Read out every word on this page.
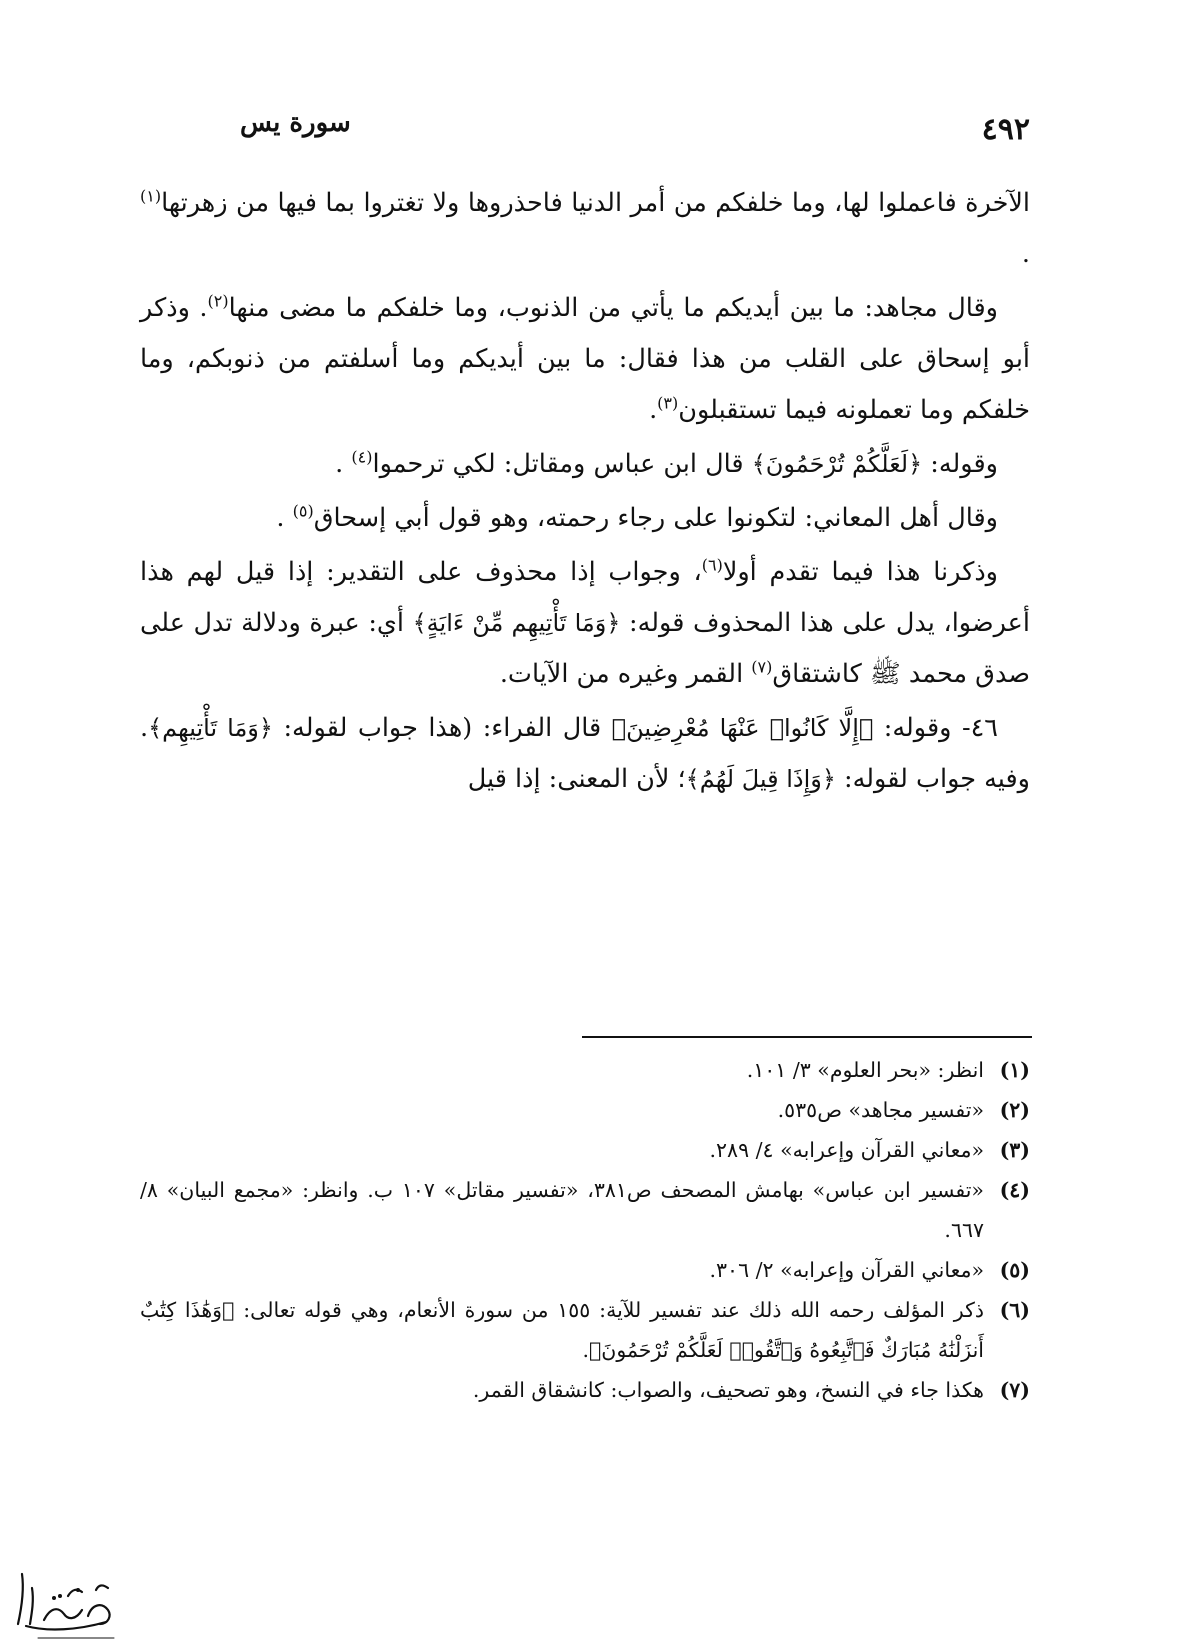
٤٩٢
سورة يس

الآخرة فاعملوا لها، وما خلفكم من أمر الدنيا فاحذروها ولا تغتروا بما فيها من زهرتها$^{(١)}$ .

وقال مجاهد: ما بين أيديكم ما يأتي من الذنوب، وما خلفكم ما مضى منها$^{(٢)}$. وذكر أبو إسحاق على القلب من هذا فقال: ما بين أيديكم وما أسلفتم من ذنوبكم، وما خلفكم وما تعملونه فيما تستقبلون$^{(٣)}$.

وقوله: ﴿لَعَلَّكُمْ تُرْحَمُونَ﴾ قال ابن عباس ومقاتل: لكي ترحموا$^{(٤)}$ .

وقال أهل المعاني: لتكونوا على رجاء رحمته، وهو قول أبي إسحاق$^{(٥)}$ .

وذكرنا هذا فيما تقدم أولا$^{(٦)}$، وجواب إذا محذوف على التقدير: إذا قيل لهم هذا أعرضوا، يدل على هذا المحذوف قوله: ﴿وَمَا تَأْتِيهِم مِّنْ ءَايَةٍ﴾ أي: عبرة ودلالة تدل على صدق محمد ﷺ كاشتقاق$^{(٧)}$ القمر وغيره من الآيات.

٤٦- وقوله: ﴿إِلَّا كَانُوا۟ عَنْهَا مُعْرِضِينَ﴾ قال الفراء: (هذا جواب لقوله: ﴿وَمَا تَأْتِيهِم﴾. وفيه جواب لقوله: ﴿وَإِذَا قِيلَ لَهُمُ﴾؛ لأن المعنى: إذا قيل

(١)
انظر: «بحر العلوم» ٣/ ١٠١.
(٢)
«تفسير مجاهد» ص٥٣٥.
(٣)
«معاني القرآن وإعرابه» ٤/ ٢٨٩.
(٤)
«تفسير ابن عباس» بهامش المصحف ص٣٨١، «تفسير مقاتل» ١٠٧ ب. وانظر: «مجمع البيان» ٨/ ٦٦٧.
(٥)
«معاني القرآن وإعرابه» ٢/ ٣٠٦.
(٦)
ذكر المؤلف رحمه الله ذلك عند تفسير للآية: ١٥٥ من سورة الأنعام، وهي قوله تعالى: ﴿وَهَٰذَا كِتَٰبٌ أَنزَلْنَٰهُ مُبَارَكٌ فَٱتَّبِعُوهُ وَٱتَّقُوا۟ لَعَلَّكُمْ تُرْحَمُونَ﴾.
(٧)
هكذا جاء في النسخ، وهو تصحيف، والصواب: كانشقاق القمر.
